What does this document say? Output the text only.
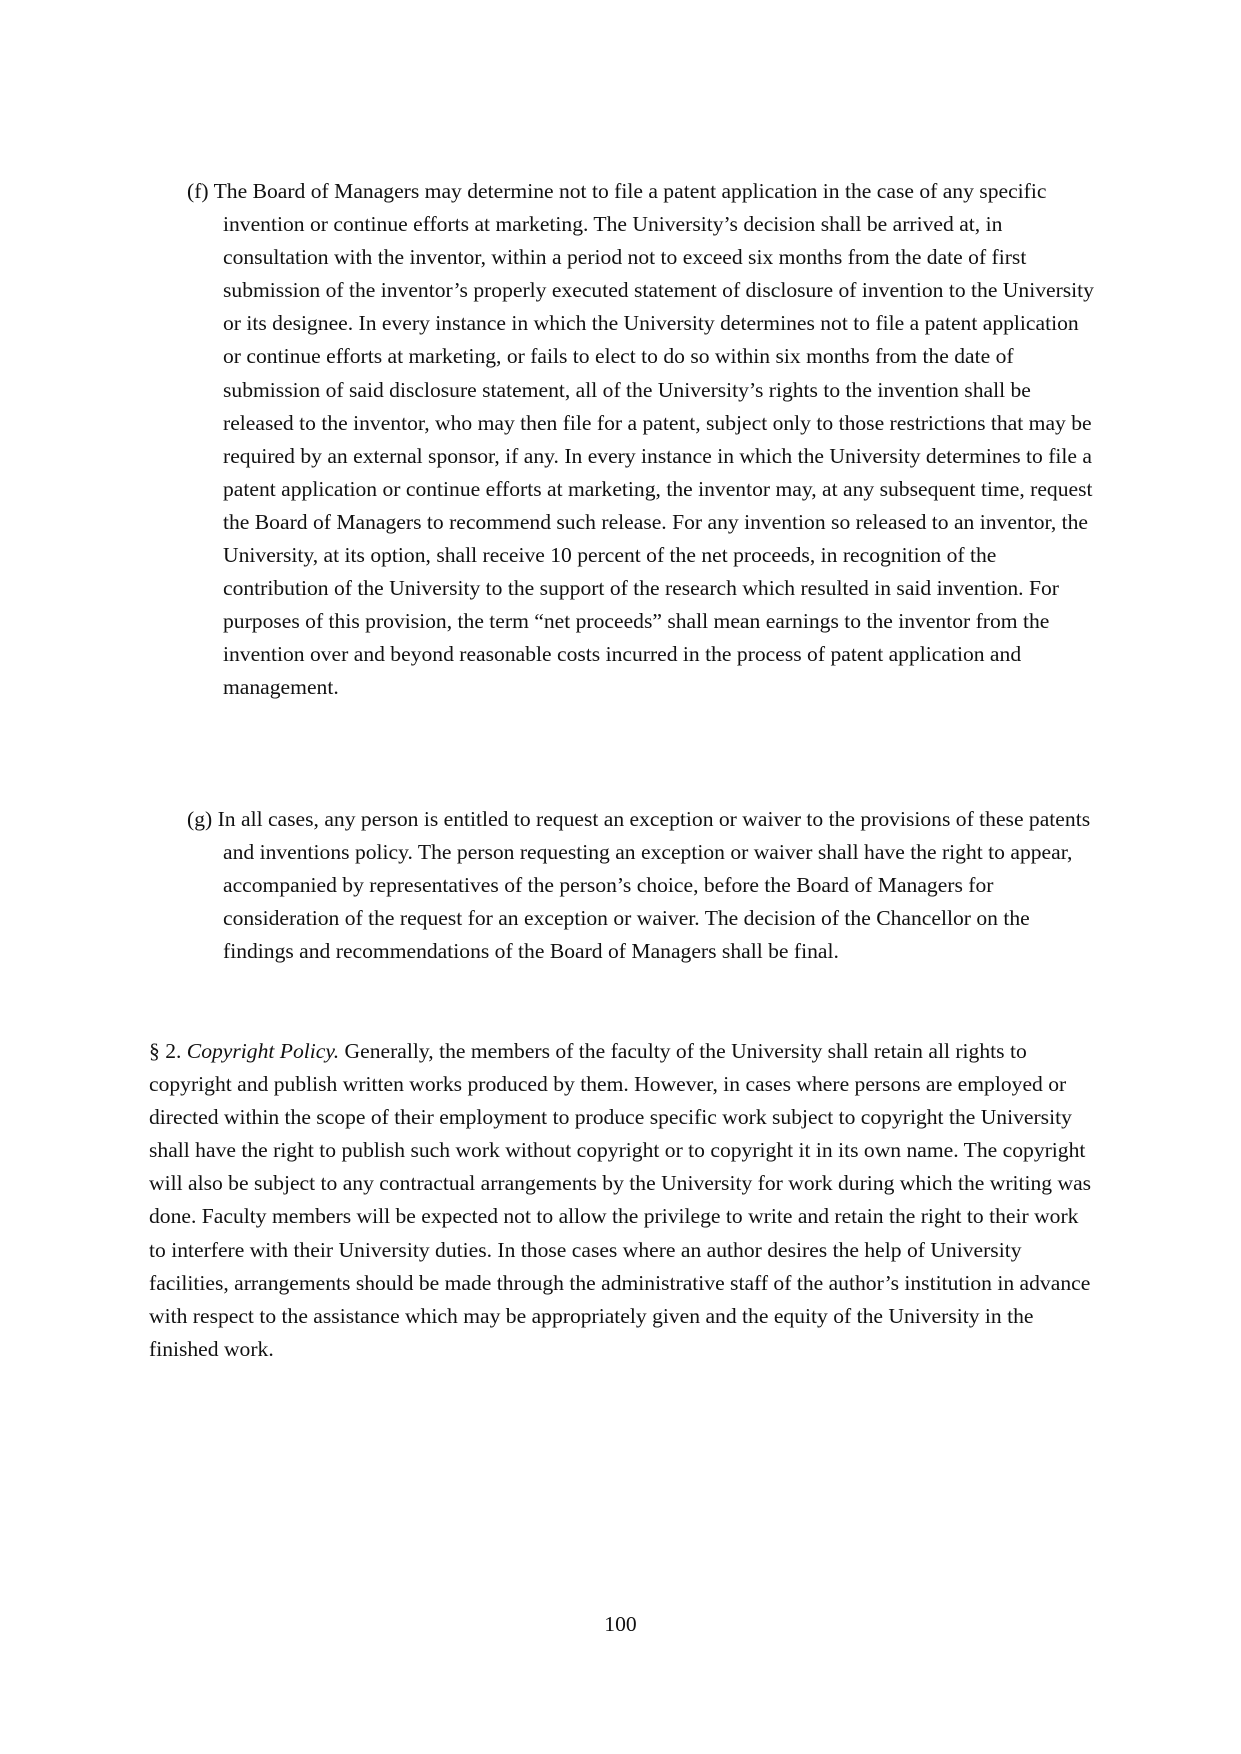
(f) The Board of Managers may determine not to file a patent application in the case of any specific invention or continue efforts at marketing. The University’s decision shall be arrived at, in consultation with the inventor, within a period not to exceed six months from the date of first submission of the inventor’s properly executed statement of disclosure of invention to the University or its designee. In every instance in which the University determines not to file a patent application or continue efforts at marketing, or fails to elect to do so within six months from the date of submission of said disclosure statement, all of the University’s rights to the invention shall be released to the inventor, who may then file for a patent, subject only to those restrictions that may be required by an external sponsor, if any. In every instance in which the University determines to file a patent application or continue efforts at marketing, the inventor may, at any subsequent time, request the Board of Managers to recommend such release. For any invention so released to an inventor, the University, at its option, shall receive 10 percent of the net proceeds, in recognition of the contribution of the University to the support of the research which resulted in said invention. For purposes of this provision, the term “net proceeds” shall mean earnings to the inventor from the invention over and beyond reasonable costs incurred in the process of patent application and management.

(g) In all cases, any person is entitled to request an exception or waiver to the provisions of these patents and inventions policy. The person requesting an exception or waiver shall have the right to appear, accompanied by representatives of the person’s choice, before the Board of Managers for consideration of the request for an exception or waiver. The decision of the Chancellor on the findings and recommendations of the Board of Managers shall be final.

§ 2. Copyright Policy. Generally, the members of the faculty of the University shall retain all rights to copyright and publish written works produced by them. However, in cases where persons are employed or directed within the scope of their employment to produce specific work subject to copyright the University shall have the right to publish such work without copyright or to copyright it in its own name. The copyright will also be subject to any contractual arrangements by the University for work during which the writing was done. Faculty members will be expected not to allow the privilege to write and retain the right to their work to interfere with their University duties. In those cases where an author desires the help of University facilities, arrangements should be made through the administrative staff of the author’s institution in advance with respect to the assistance which may be appropriately given and the equity of the University in the finished work.

100
